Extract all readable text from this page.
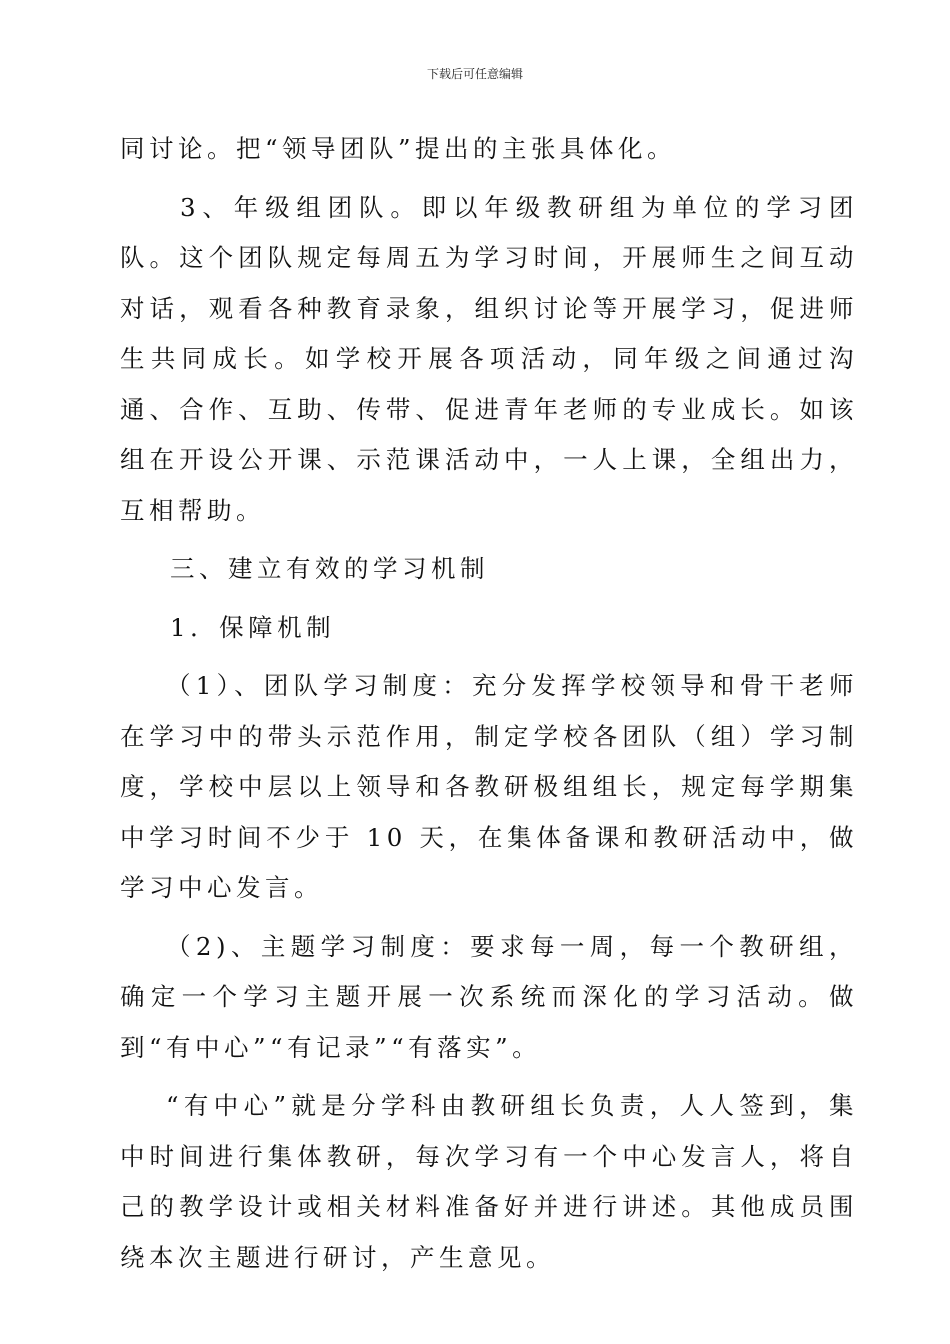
下载后可任意编辑

同讨论。把“领导团队”提出的主张具体化。

3、年级组团队。即以年级教研组为单位的学习团队。这个团队规定每周五为学习时间，开展师生之间互动对话，观看各种教育录象，组织讨论等开展学习，促进师生共同成长。如学校开展各项活动，同年级之间通过沟通、合作、互助、传带、促进青年老师的专业成长。如该组在开设公开课、示范课活动中，一人上课，全组出力，互相帮助。

三、建立有效的学习机制

1．保障机制

（1）、团队学习制度：充分发挥学校领导和骨干老师在学习中的带头示范作用，制定学校各团队（组）学习制度，学校中层以上领导和各教研极组组长，规定每学期集中学习时间不少于 10 天，在集体备课和教研活动中，做学习中心发言。

（2)、主题学习制度：要求每一周，每一个教研组，确定一个学习主题开展一次系统而深化的学习活动。做到“有中心”“有记录”“有落实”。

“有中心”就是分学科由教研组长负责，人人签到，集中时间进行集体教研，每次学习有一个中心发言人，将自己的教学设计或相关材料准备好并进行讲述。其他成员围绕本次主题进行研讨，产生意见。
